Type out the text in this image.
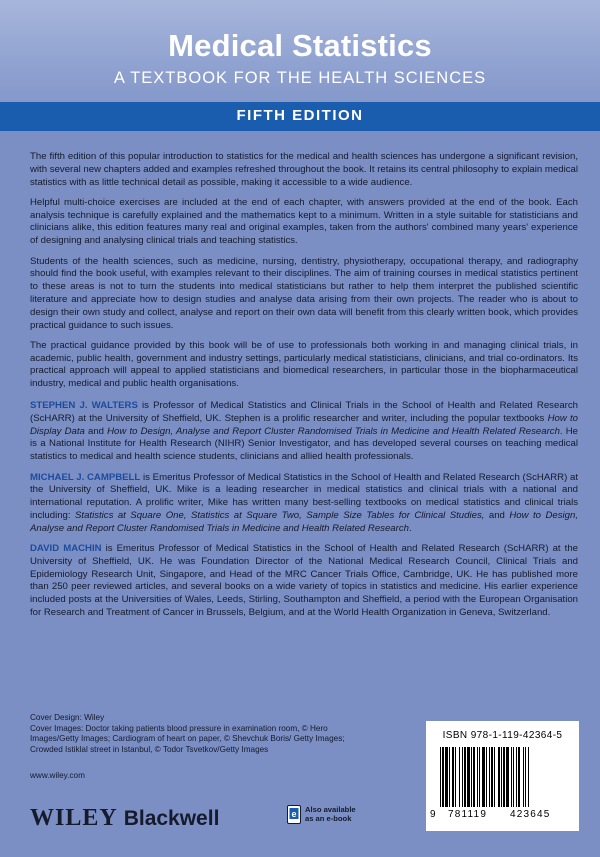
Medical Statistics
A TEXTBOOK FOR THE HEALTH SCIENCES
FIFTH EDITION

The fifth edition of this popular introduction to statistics for the medical and health sciences has undergone a significant revision, with several new chapters added and examples refreshed throughout the book. It retains its central philosophy to explain medical statistics with as little technical detail as possible, making it accessible to a wide audience.

Helpful multi-choice exercises are included at the end of each chapter, with answers provided at the end of the book. Each analysis technique is carefully explained and the mathematics kept to a minimum. Written in a style suitable for statisticians and clinicians alike, this edition features many real and original examples, taken from the authors' combined many years' experience of designing and analysing clinical trials and teaching statistics.

Students of the health sciences, such as medicine, nursing, dentistry, physiotherapy, occupational therapy, and radiography should find the book useful, with examples relevant to their disciplines. The aim of training courses in medical statistics pertinent to these areas is not to turn the students into medical statisticians but rather to help them interpret the published scientific literature and appreciate how to design studies and analyse data arising from their own projects. The reader who is about to design their own study and collect, analyse and report on their own data will benefit from this clearly written book, which provides practical guidance to such issues.

The practical guidance provided by this book will be of use to professionals both working in and managing clinical trials, in academic, public health, government and industry settings, particularly medical statisticians, clinicians, and trial co-ordinators. Its practical approach will appeal to applied statisticians and biomedical researchers, in particular those in the biopharmaceutical industry, medical and public health organisations.

STEPHEN J. WALTERS is Professor of Medical Statistics and Clinical Trials in the School of Health and Related Research (ScHARR) at the University of Sheffield, UK. Stephen is a prolific researcher and writer, including the popular textbooks How to Display Data and How to Design, Analyse and Report Cluster Randomised Trials in Medicine and Health Related Research. He is a National Institute for Health Research (NIHR) Senior Investigator, and has developed several courses on teaching medical statistics to medical and health science students, clinicians and allied health professionals.

MICHAEL J. CAMPBELL is Emeritus Professor of Medical Statistics in the School of Health and Related Research (ScHARR) at the University of Sheffield, UK. Mike is a leading researcher in medical statistics and clinical trials with a national and international reputation. A prolific writer, Mike has written many best-selling textbooks on medical statistics and clinical trials including: Statistics at Square One, Statistics at Square Two, Sample Size Tables for Clinical Studies, and How to Design, Analyse and Report Cluster Randomised Trials in Medicine and Health Related Research.

DAVID MACHIN is Emeritus Professor of Medical Statistics in the School of Health and Related Research (ScHARR) at the University of Sheffield, UK. He was Foundation Director of the National Medical Research Council, Clinical Trials and Epidemiology Research Unit, Singapore, and Head of the MRC Cancer Trials Office, Cambridge, UK. He has published more than 250 peer reviewed articles, and several books on a wide variety of topics in statistics and medicine. His earlier experience included posts at the Universities of Wales, Leeds, Stirling, Southampton and Sheffield, a period with the European Organisation for Research and Treatment of Cancer in Brussels, Belgium, and at the World Health Organization in Geneva, Switzerland.

Cover Design: Wiley
Cover Images: Doctor taking patients blood pressure in examination room, © Hero Images/Getty Images; Cardiogram of heart on paper, © Shevchuk Boris/ Getty Images; Crowded Istiklal street in Istanbul, © Todor Tsvetkov/Getty Images
www.wiley.com
WILEY Blackwell	e Also available
as an e-book
ISBN 978-1-119-42364-5
9 781119 423645
